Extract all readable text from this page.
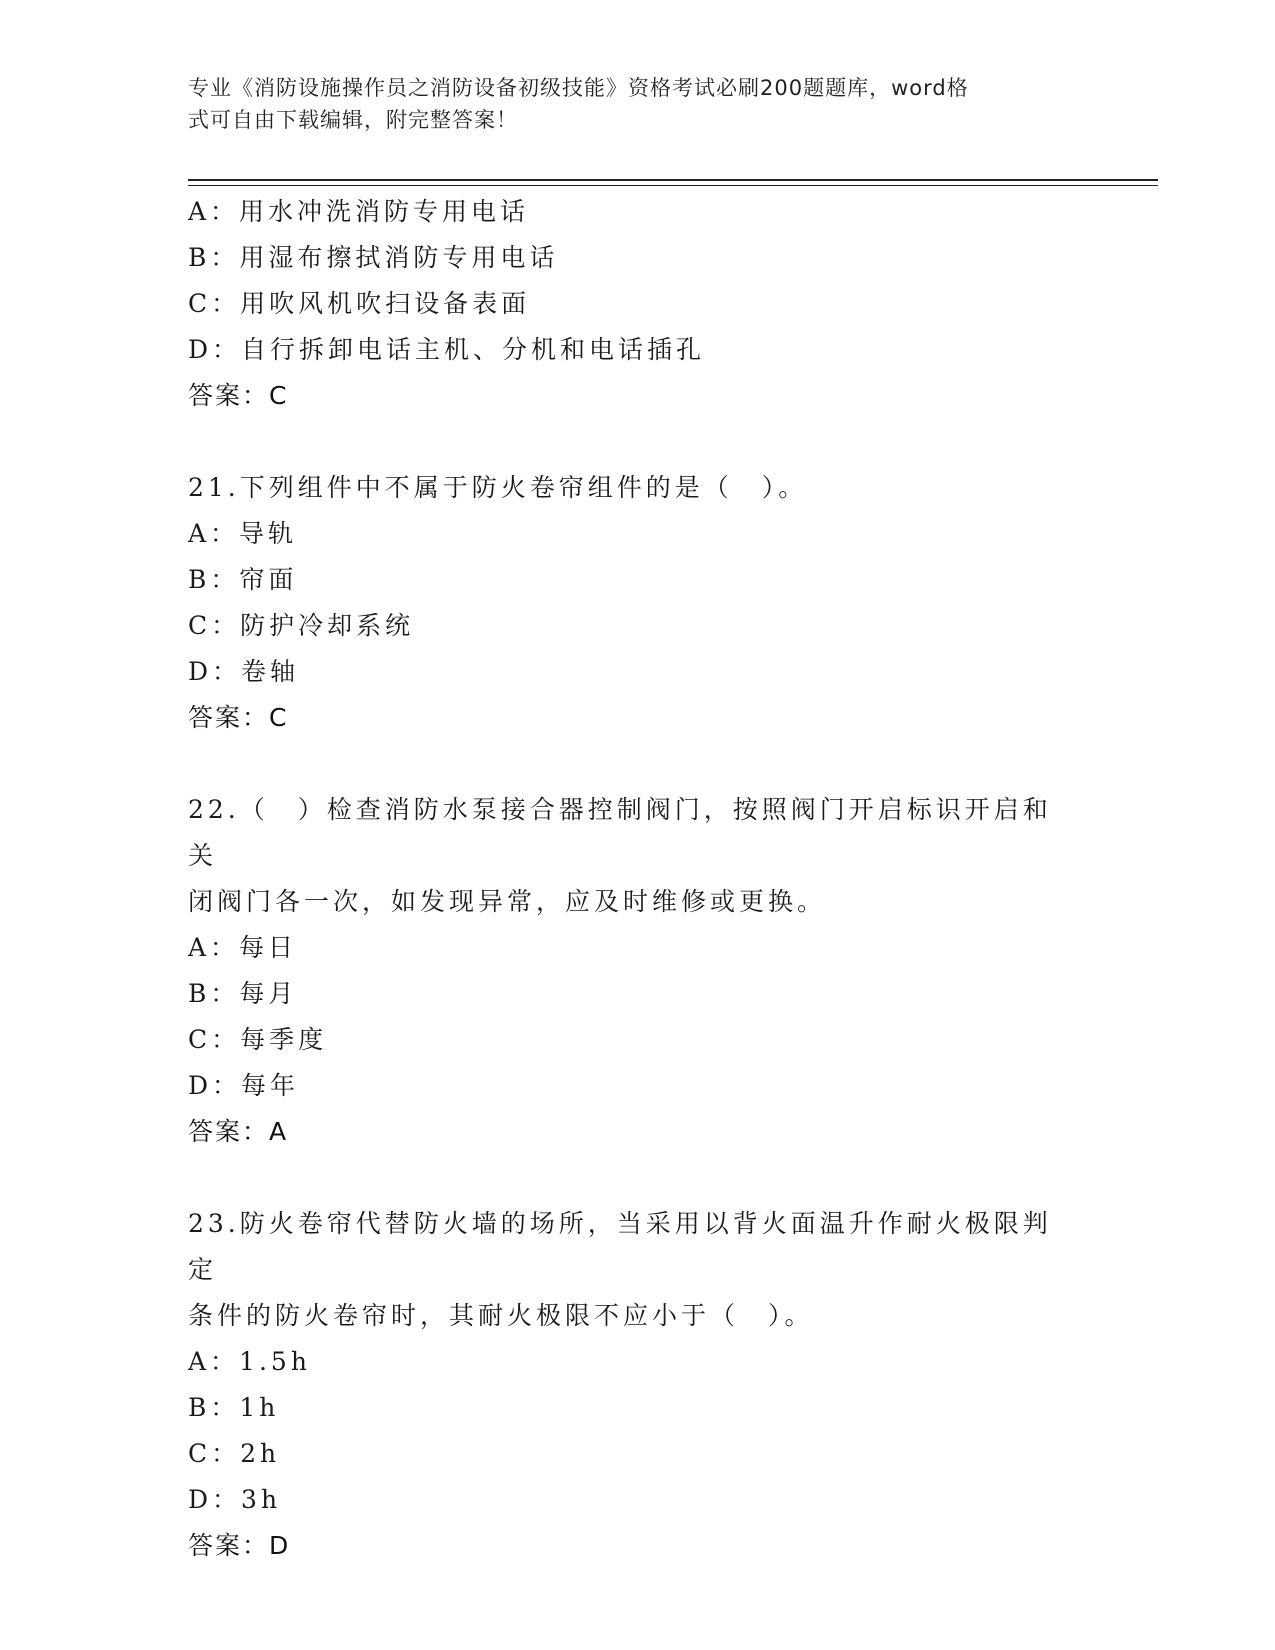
专业《消防设施操作员之消防设备初级技能》资格考试必刷200题题库，word格
式可自由下载编辑，附完整答案！
A：用水冲洗消防专用电话
B：用湿布擦拭消防专用电话
C：用吹风机吹扫设备表面
D：自行拆卸电话主机、分机和电话插孔
答案：C
21.下列组件中不属于防火卷帘组件的是（　）。
A：导轨
B：帘面
C：防护冷却系统
D：卷轴
答案：C
22.（　）检查消防水泵接合器控制阀门，按照阀门开启标识开启和关
闭阀门各一次，如发现异常，应及时维修或更换。
A：每日
B：每月
C：每季度
D：每年
答案：A
23.防火卷帘代替防火墙的场所，当采用以背火面温升作耐火极限判定
条件的防火卷帘时，其耐火极限不应小于（　）。
A：1.5h
B：1h
C：2h
D：3h
答案：D
